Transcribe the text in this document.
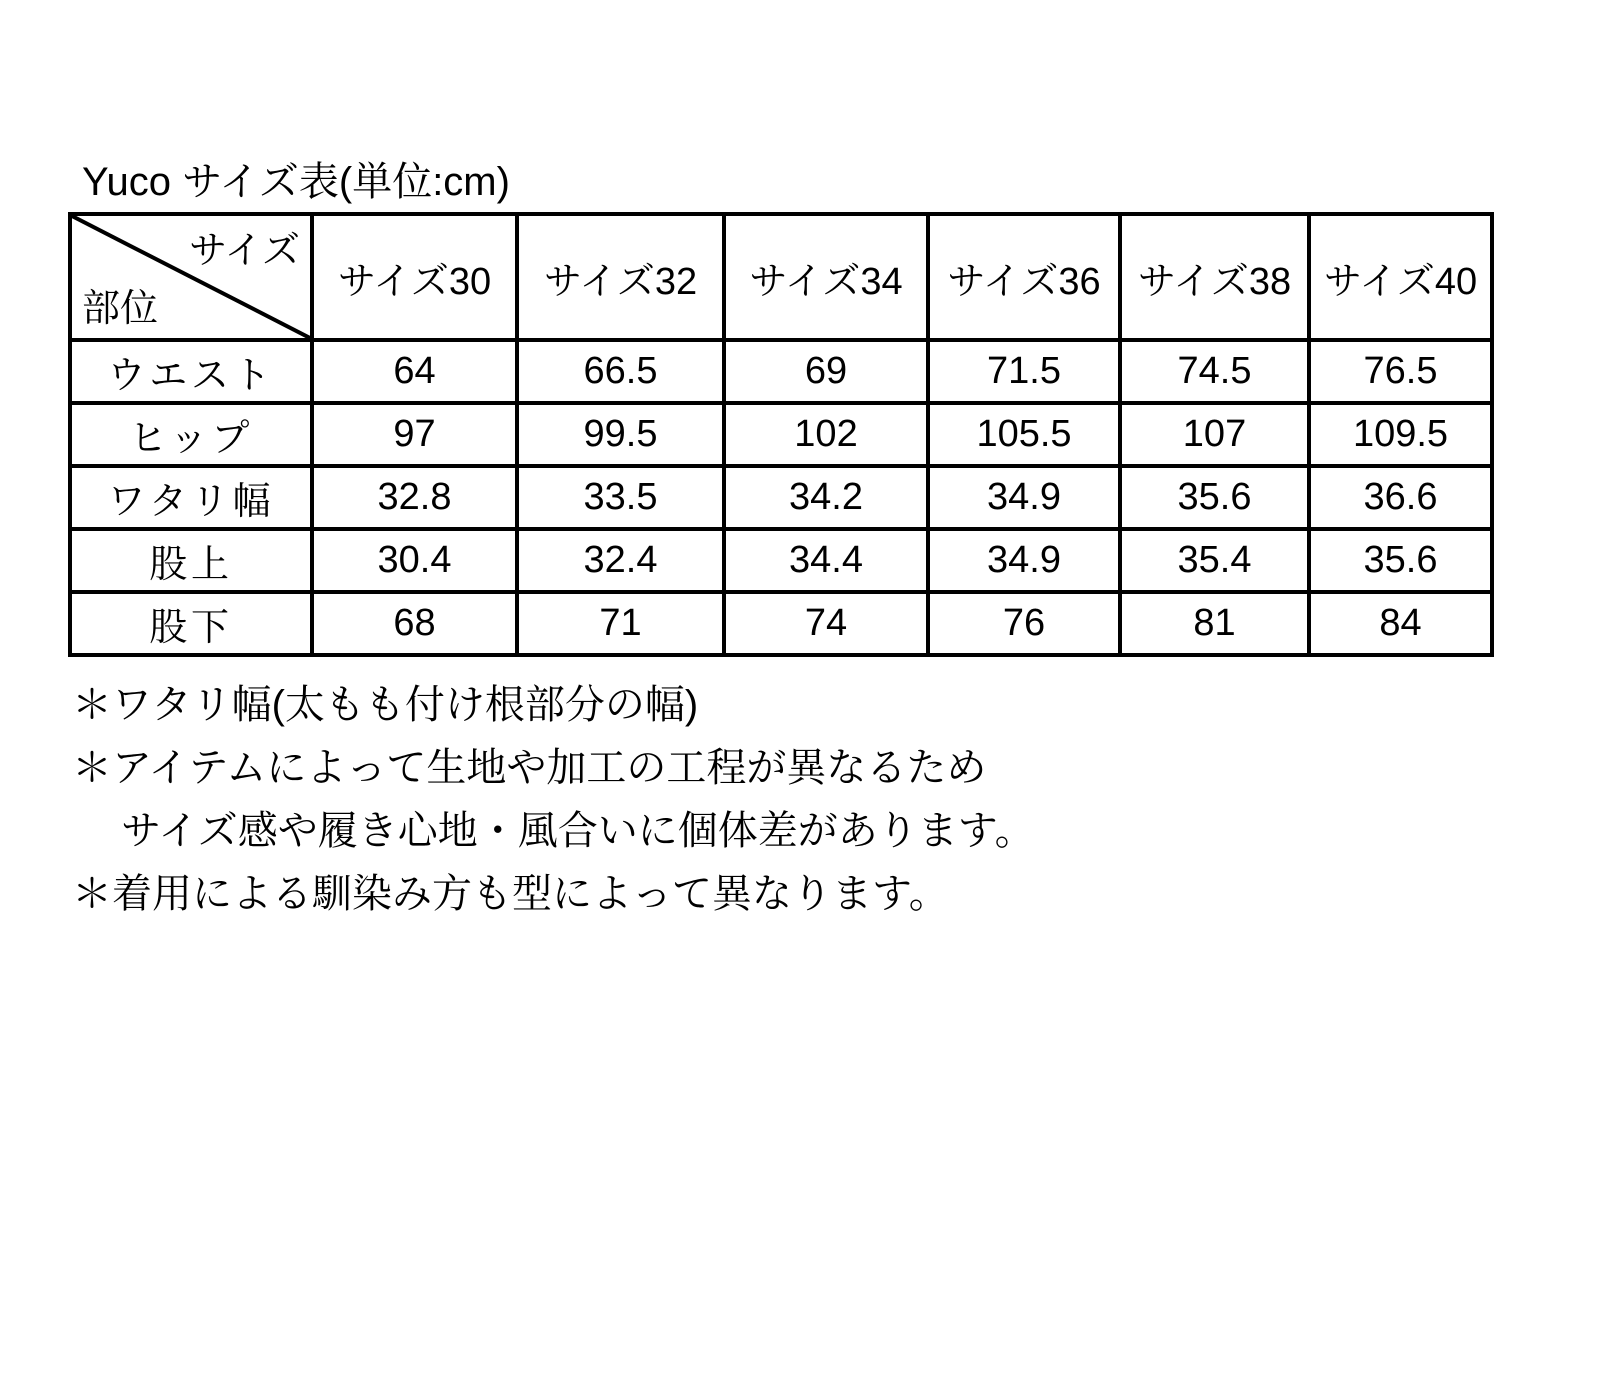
Yuco サイズ表(単位:cm)
サイズ
部位	サイズ30	サイズ32	サイズ34	サイズ36	サイズ38	サイズ40
ウエスト	64	66.5	69	71.5	74.5	76.5
ヒップ	97	99.5	102	105.5	107	109.5
ワタリ幅	32.8	33.5	34.2	34.9	35.6	36.6
股上	30.4	32.4	34.4	34.9	35.4	35.6
股下	68	71	74	76	81	84
＊ワタリ幅(太もも付け根部分の幅)
＊アイテムによって生地や加工の工程が異なるため
サイズ感や履き心地・風合いに個体差があります。
＊着用による馴染み方も型によって異なります。
